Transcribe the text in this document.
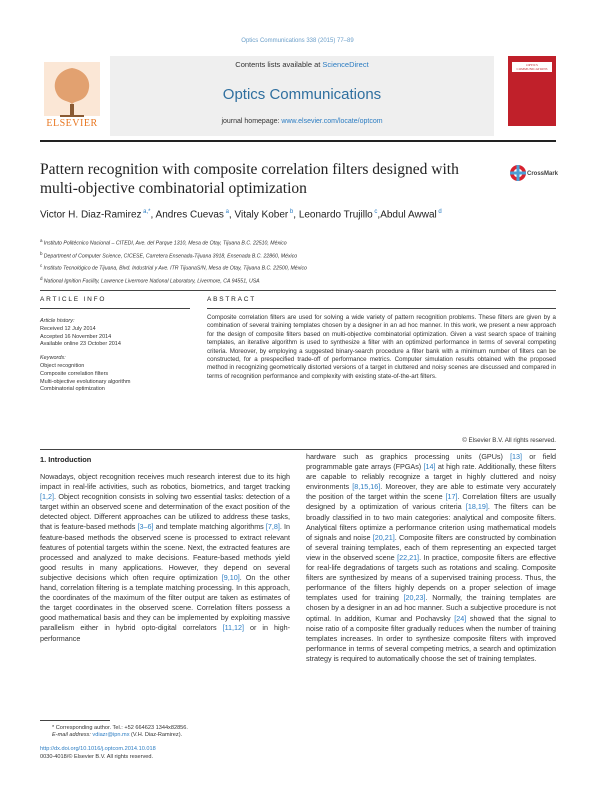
Optics Communications 338 (2015) 77–89
Contents lists available at ScienceDirect
Optics Communications
journal homepage: www.elsevier.com/locate/optcom
ELSEVIER
OPTICS COMMUNICATIONS
Pattern recognition with composite correlation filters designed with multi-objective combinatorial optimization
CrossMark
Victor H. Diaz-Ramirez $^{a,*}$, Andres Cuevas $^a$, Vitaly Kober $^b$, Leonardo Trujillo $^c$,Abdul Awwal $^d$
$^a$ Instituto Politécnico Nacional – CITEDI, Ave. del Parque 1310, Mesa de Otay, Tijuana B.C. 22510, México
$^b$ Department of Computer Science, CICESE, Carretera Ensenada-Tijuana 3918, Ensenada B.C. 22860, México
$^c$ Instituto Tecnológico de Tijuana, Blvd. Industrial y Ave. ITR TijuanaS/N, Mesa de Otay, Tijuana B.C. 22500, México
$^d$ National Ignition Facility, Lawrence Livermore National Laboratory, Livermore, CA 94551, USA
ARTICLE INFO	ABSTRACT
Article history:
Received 12 July 2014
Accepted 16 November 2014
Available online 23 October 2014
Keywords:
Object recognition
Composite correlation filters
Multi-objective evolutionary algorithm
Combinatorial optimization
Composite correlation filters are used for solving a wide variety of pattern recognition problems. These filters are given by a combination of several training templates chosen by a designer in an ad hoc manner. In this work, we present a new approach for the design of composite filters based on multi-objective combinatorial optimization. Given a vast search space of training templates, an iterative algorithm is used to synthesize a filter with an optimized performance in terms of several competing criteria. Moreover, by employing a suggested binary-search procedure a filter bank with a minimum number of filters can be constructed, for a prespecified trade-off of performance metrics. Computer simulation results obtained with the proposed method in recognizing geometrically distorted versions of a target in cluttered and noisy scenes are discussed and compared in terms of recognition performance and complexity with existing state-of-the-art filters.
© Elsevier B.V. All rights reserved.
1. Introduction
Nowadays, object recognition receives much research interest due to its high impact in real-life activities, such as robotics, biometrics, and target tracking [1,2]. Object recognition consists in solving two essential tasks: detection of a target within an observed scene and determination of the exact position of the detected object. Different approaches can be utilized to address these tasks, that is feature-based methods [3–6] and template matching algorithms [7,8]. In feature-based methods the observed scene is processed to extract relevant features of potential targets within the scene. Next, the extracted features are processed and analyzed to make decisions. Feature-based methods yield good results in many applications. However, they depend on several subjective decisions which often require optimization [9,10]. On the other hand, correlation filtering is a template matching processing. In this approach, the coordinates of the maximum of the filter output are taken as estimates of the target coordinates in the observed scene. Correlation filters possess a good mathematical basis and they can be implemented by exploiting massive parallelism either in hybrid opto-digital correlators [11,12] or in high-performance
hardware such as graphics processing units (GPUs) [13] or field programmable gate arrays (FPGAs) [14] at high rate. Additionally, these filters are capable to reliably recognize a target in highly cluttered and noisy environments [8,15,16]. Moreover, they are able to estimate very accurately the position of the target within the scene [17]. Correlation filters are usually designed by a optimization of various criteria [18,19]. The filters can be broadly classified in to two main categories: analytical and composite filters. Analytical filters optimize a performance criterion using mathematical models of signals and noise [20,21]. Composite filters are constructed by combination of several training templates, each of them representing an expected target view in the observed scene [22,21]. In practice, composite filters are effective for real-life degradations of targets such as rotations and scaling. Composite filters are synthesized by means of a supervised training process. Thus, the performance of the filters highly depends on a proper selection of image templates used for training [20,23]. Normally, the training templates are chosen by a designer in an ad hoc manner. Such a subjective procedure is not optimal. In addition, Kumar and Pochavsky [24] showed that the signal to noise ratio of a composite filter gradually reduces when the number of training templates increases. In order to synthesize composite filters with improved performance in terms of several competing metrics, a search and optimization strategy is required to automatically choose the set of training templates.
* Corresponding author. Tel.: +52 664623 1344x82856.
E-mail address: vdiazr@ipn.mx (V.H. Diaz-Ramirez).
http://dx.doi.org/10.1016/j.optcom.2014.10.018
0030-4018/© Elsevier B.V. All rights reserved.
